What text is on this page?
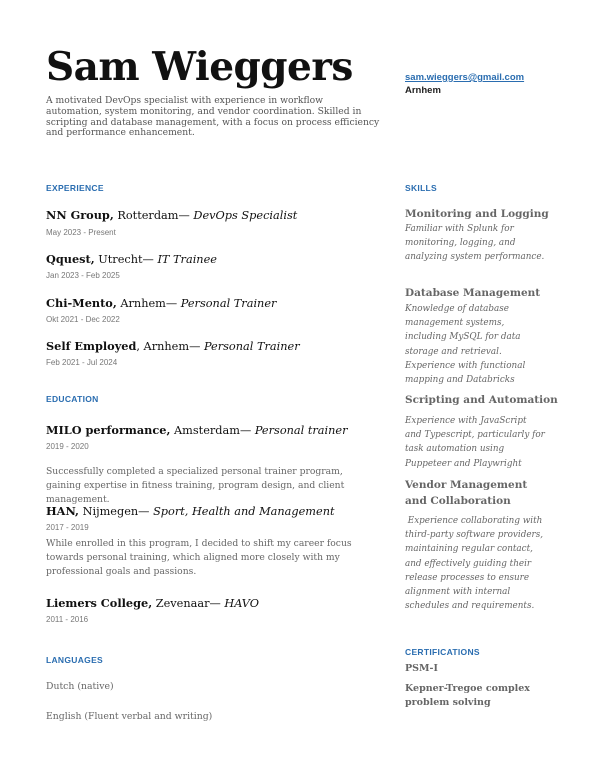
Sam Wieggers
A motivated DevOps specialist with experience in workflow automation, system monitoring, and vendor coordination. Skilled in scripting and database management, with a focus on process efficiency and performance enhancement.
sam.wieggers@gmail.com
Arnhem
EXPERIENCE
NN Group, Rotterdam— DevOps Specialist
May 2023 - Present
Qquest, Utrecht— IT Trainee
Jan 2023 - Feb 2025
Chi-Mento, Arnhem— Personal Trainer
Okt 2021 - Dec 2022
Self Employed, Arnhem— Personal Trainer
Feb 2021 - Jul 2024
EDUCATION
MILO performance, Amsterdam— Personal trainer
2019 - 2020
Successfully completed a specialized personal trainer program, gaining expertise in fitness training, program design, and client management.
HAN, Nijmegen— Sport, Health and Management
2017 - 2019
While enrolled in this program, I decided to shift my career focus towards personal training, which aligned more closely with my professional goals and passions.
Liemers College, Zevenaar— HAVO
2011 - 2016
LANGUAGES
Dutch (native)
English (Fluent verbal and writing)
SKILLS
Monitoring and Logging
Familiar with Splunk for monitoring, logging, and analyzing system performance.
Database Management
Knowledge of database management systems, including MySQL for data storage and retrieval. Experience with functional mapping and Databricks
Scripting and Automation
Experience with JavaScript and Typescript, particularly for task automation using Puppeteer and Playwright
Vendor Management and Collaboration
Experience collaborating with third-party software providers, maintaining regular contact, and effectively guiding their release processes to ensure alignment with internal schedules and requirements.
CERTIFICATIONS
PSM-I
Kepner-Tregoe complex problem solving
